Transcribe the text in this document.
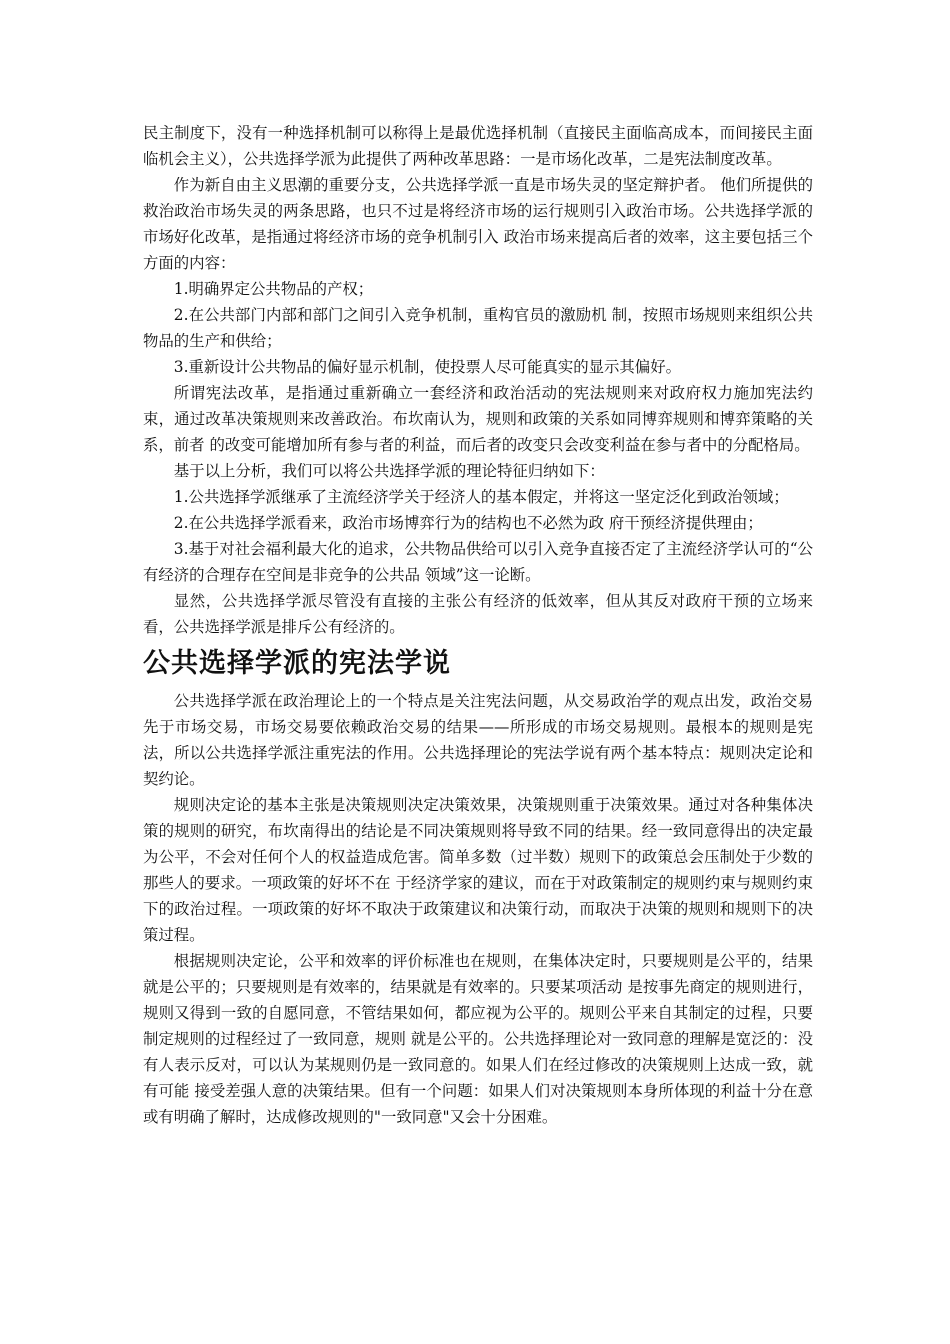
民主制度下，没有一种选择机制可以称得上是最优选择机制（直接民主面临高成本，而间接民主面临机会主义），公共选择学派为此提供了两种改革思路：一是市场化改革，二是宪法制度改革。

作为新自由主义思潮的重要分支，公共选择学派一直是市场失灵的坚定辩护者。 他们所提供的救治政治市场失灵的两条思路，也只不过是将经济市场的运行规则引入政治市场。公共选择学派的市场好化改革，是指通过将经济市场的竞争机制引入 政治市场来提高后者的效率，这主要包括三个方面的内容：

1.明确界定公共物品的产权；

2.在公共部门内部和部门之间引入竞争机制，重构官员的激励机 制，按照市场规则来组织公共物品的生产和供给；

3.重新设计公共物品的偏好显示机制，使投票人尽可能真实的显示其偏好。

所谓宪法改革，是指通过重新确立一套经济和政治活动的宪法规则来对政府权力施加宪法约束，通过改革决策规则来改善政治。布坎南认为，规则和政策的关系如同博弈规则和博弈策略的关系，前者 的改变可能增加所有参与者的利益，而后者的改变只会改变利益在参与者中的分配格局。

基于以上分析，我们可以将公共选择学派的理论特征归纳如下：

1.公共选择学派继承了主流经济学关于经济人的基本假定，并将这一坚定泛化到政治领域；

2.在公共选择学派看来，政治市场博弈行为的结构也不必然为政 府干预经济提供理由；

3.基于对社会福利最大化的追求，公共物品供给可以引入竞争直接否定了主流经济学认可的“公有经济的合理存在空间是非竞争的公共品 领域”这一论断。

显然，公共选择学派尽管没有直接的主张公有经济的低效率，但从其反对政府干预的立场来看，公共选择学派是排斥公有经济的。

公共选择学派的宪法学说

公共选择学派在政治理论上的一个特点是关注宪法问题，从交易政治学的观点出发，政治交易先于市场交易，市场交易要依赖政治交易的结果——所形成的市场交易规则。最根本的规则是宪法，所以公共选择学派注重宪法的作用。公共选择理论的宪法学说有两个基本特点：规则决定论和契约论。

规则决定论的基本主张是决策规则决定决策效果，决策规则重于决策效果。通过对各种集体决策的规则的研究，布坎南得出的结论是不同决策规则将导致不同的结果。经一致同意得出的决定最为公平，不会对任何个人的权益造成危害。简单多数（过半数）规则下的政策总会压制处于少数的那些人的要求。一项政策的好坏不在 于经济学家的建议，而在于对政策制定的规则约束与规则约束下的政治过程。一项政策的好坏不取决于政策建议和决策行动，而取决于决策的规则和规则下的决策过程。

根据规则决定论，公平和效率的评价标准也在规则，在集体决定时，只要规则是公平的，结果就是公平的；只要规则是有效率的，结果就是有效率的。只要某项活动 是按事先商定的规则进行，规则又得到一致的自愿同意，不管结果如何，都应视为公平的。规则公平来自其制定的过程，只要制定规则的过程经过了一致同意，规则 就是公平的。公共选择理论对一致同意的理解是宽泛的：没有人表示反对，可以认为某规则仍是一致同意的。如果人们在经过修改的决策规则上达成一致，就有可能 接受差强人意的决策结果。但有一个问题：如果人们对决策规则本身所体现的利益十分在意或有明确了解时，达成修改规则的"一致同意"又会十分困难。
